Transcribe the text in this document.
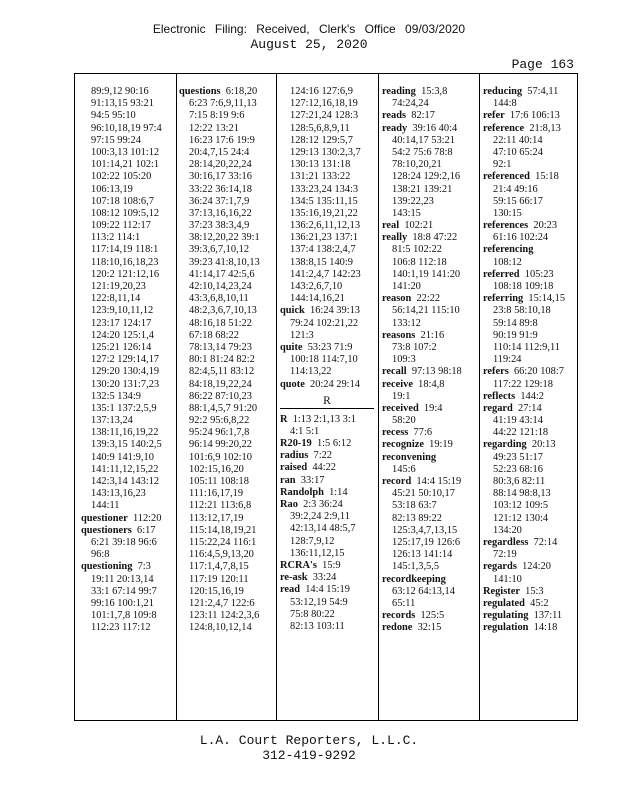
Electronic Filing: Received, Clerk's Office 09/03/2020
August 25, 2020
Page 163
89:9,12 90:16
91:13,15 93:21
94:5 95:10
96:10,18,19 97:4
97:15 99:24
100:3,13 101:12
101:14,21 102:1
102:22 105:20
106:13,19
107:18 108:6,7
108:12 109:5,12
109:22 112:17
113:2 114:1
117:14,19 118:1
118:10,16,18,23
120:2 121:12,16
121:19,20,23
122:8,11,14
123:9,10,11,12
123:17 124:17
124:20 125:1,4
125:21 126:14
127:2 129:14,17
129:20 130:4,19
130:20 131:7,23
132:5 134:9
135:1 137:2,5,9
137:13,24
138:11,16,19,22
139:3,15 140:2,5
140:9 141:9,10
141:11,12,15,22
142:3,14 143:12
143:13,16,23
144:11
questioner  112:20
questioners  6:17
6:21 39:18 96:6
96:8
questioning  7:3
19:11 20:13,14
33:1 67:14 99:7
99:16 100:1,21
101:1,7,8 109:8
112:23 117:12
questions  6:18,20
6:23 7:6,9,11,13
7:15 8:19 9:6
12:22 13:21
16:23 17:6 19:9
20:4,7,15 24:4
28:14,20,22,24
30:16,17 33:16
33:22 36:14,18
36:24 37:1,7,9
37:13,16,16,22
37:23 38:3,4,9
38:12,20,22 39:1
39:3,6,7,10,12
39:23 41:8,10,13
41:14,17 42:5,6
42:10,14,23,24
43:3,6,8,10,11
48:2,3,6,7,10,13
48:16,18 51:22
67:18 68:22
78:13,14 79:23
80:1 81:24 82:2
82:4,5,11 83:12
84:18,19,22,24
86:22 87:10,23
88:1,4,5,7 91:20
92:2 95:6,8,22
95:24 96:1,7,8
96:14 99:20,22
101:6,9 102:10
102:15,16,20
105:11 108:18
111:16,17,19
112:21 113:6,8
113:12,17,19
115:14,18,19,21
115:22,24 116:1
116:4,5,9,13,20
117:1,4,7,8,15
117:19 120:11
120:15,16,19
121:2,4,7 122:6
123:11 124:2,3,6
124:8,10,12,14
124:16 127:6,9
127:12,16,18,19
127:21,24 128:3
128:5,6,8,9,11
128:12 129:5,7
129:13 130:2,3,7
130:13 131:18
131:21 133:22
133:23,24 134:3
134:5 135:11,15
135:16,19,21,22
136:2,6,11,12,13
136:21,23 137:1
137:4 138:2,4,7
138:8,15 140:9
141:2,4,7 142:23
143:2,6,7,10
144:14,16,21
quick  16:24 39:13
79:24 102:21,22
121:3
quite  53:23 71:9
100:18 114:7,10
114:13,22
quote  20:24 29:14
R
R  1:13 2:1,13 3:1
4:1 5:1
R20-19  1:5 6:12
radius  7:22
raised  44:22
ran  33:17
Randolph  1:14
Rao  2:3 36:24
39:2,24 2:9,11
42:13,14 48:5,7
128:7,9,12
136:11,12,15
RCRA's  15:9
re-ask  33:24
read  14:4 15:19
53:12,19 54:9
75:8 80:22
82:13 103:11
reading  15:3,8
74:24,24
reads  82:17
ready  39:16 40:4
40:14,17 53:21
54:2 75:6 78:8
78:10,20,21
128:24 129:2,16
138:21 139:21
139:22,23
143:15
real  102:21
really  18:8 47:22
81:5 102:22
106:8 112:18
140:1,19 141:20
141:20
reason  22:22
56:14,21 115:10
133:12
reasons  21:16
73:8 107:2
109:3
recall  97:13 98:18
receive  18:4,8
19:1
received  19:4
58:20
recess  77:6
recognize  19:19
reconvening
145:6
record  14:4 15:19
45:21 50:10,17
53:18 63:7
82:13 89:22
125:3,4,7,13,15
125:17,19 126:6
126:13 141:14
145:1,3,5,5
recordkeeping
63:12 64:13,14
65:11
records  125:5
redone  32:15
reducing  57:4,11
144:8
refer  17:6 106:13
reference  21:8,13
22:11 40:14
47:10 65:24
92:1
referenced  15:18
21:4 49:16
59:15 66:17
130:15
references  20:23
61:16 102:24
referencing
108:12
referred  105:23
108:18 109:18
referring  15:14,15
23:8 58:10,18
59:14 89:8
90:19 91:9
110:14 112:9,11
119:24
refers  66:20 108:7
117:22 129:18
reflects  144:2
regard  27:14
41:19 43:14
44:22 121:18
regarding  20:13
49:23 51:17
52:23 68:16
80:3,6 82:11
88:14 98:8,13
103:12 109:5
121:12 130:4
134:20
regardless  72:14
72:19
regards  124:20
141:10
Register  15:3
regulated  45:2
regulating  137:11
regulation  14:18
L.A. Court Reporters, L.L.C.
312-419-9292
